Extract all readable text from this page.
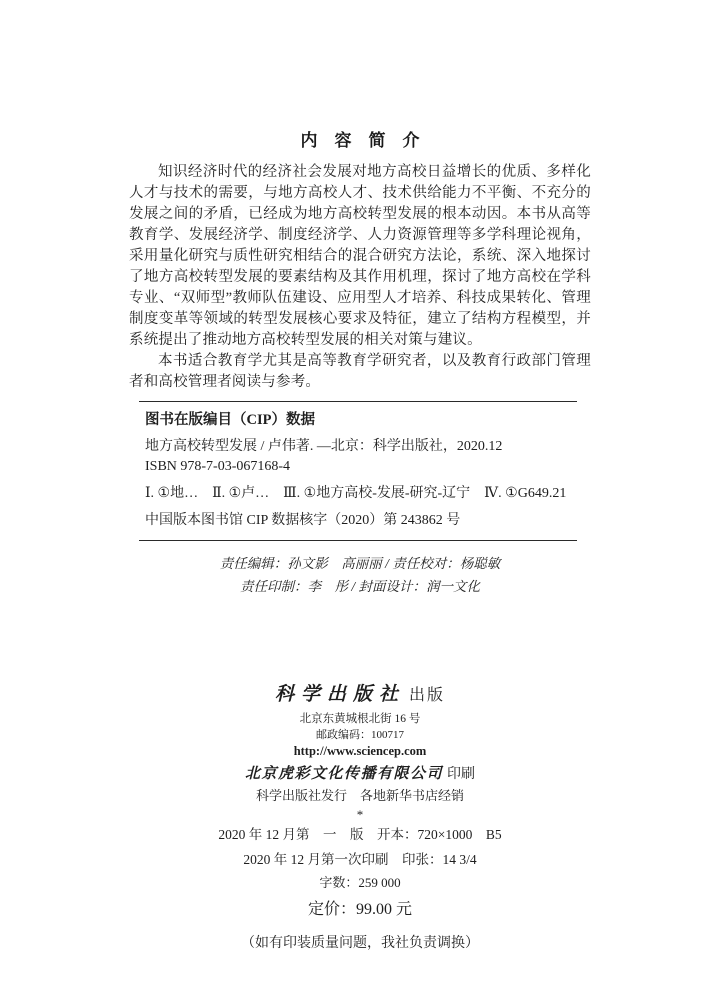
内　容　简　介

知识经济时代的经济社会发展对地方高校日益增长的优质、多样化人才与技术的需要，与地方高校人才、技术供给能力不平衡、不充分的发展之间的矛盾，已经成为地方高校转型发展的根本动因。本书从高等教育学、发展经济学、制度经济学、人力资源管理等多学科理论视角，采用量化研究与质性研究相结合的混合研究方法论，系统、深入地探讨了地方高校转型发展的要素结构及其作用机理，探讨了地方高校在学科专业、“双师型”教师队伍建设、应用型人才培养、科技成果转化、管理制度变革等领域的转型发展核心要求及特征，建立了结构方程模型，并系统提出了推动地方高校转型发展的相关对策与建议。

本书适合教育学尤其是高等教育学研究者，以及教育行政部门管理者和高校管理者阅读与参考。

图书在版编目（CIP）数据
地方高校转型发展 / 卢伟著. —北京：科学出版社，2020.12
ISBN 978-7-03-067168-4
Ⅰ. ①地…　Ⅱ. ①卢…　Ⅲ. ①地方高校-发展-研究-辽宁　Ⅳ. ①G649.21
中国版本图书馆 CIP 数据核字（2020）第 243862 号
责任编辑：孙文影　高丽丽 / 责任校对：杨聪敏
责任印制：李　彤 / 封面设计：润一文化
科学出版社 出版
北京东黄城根北街 16 号
邮政编码：100717
http://www.sciencep.com
北京虎彩文化传播有限公司 印刷
科学出版社发行　各地新华书店经销
*
2020 年 12 月第　一　版　开本：720×1000　B5
2020 年 12 月第一次印刷　印张：14 3/4
字数：259 000
定价：99.00 元
（如有印装质量问题，我社负责调换）
